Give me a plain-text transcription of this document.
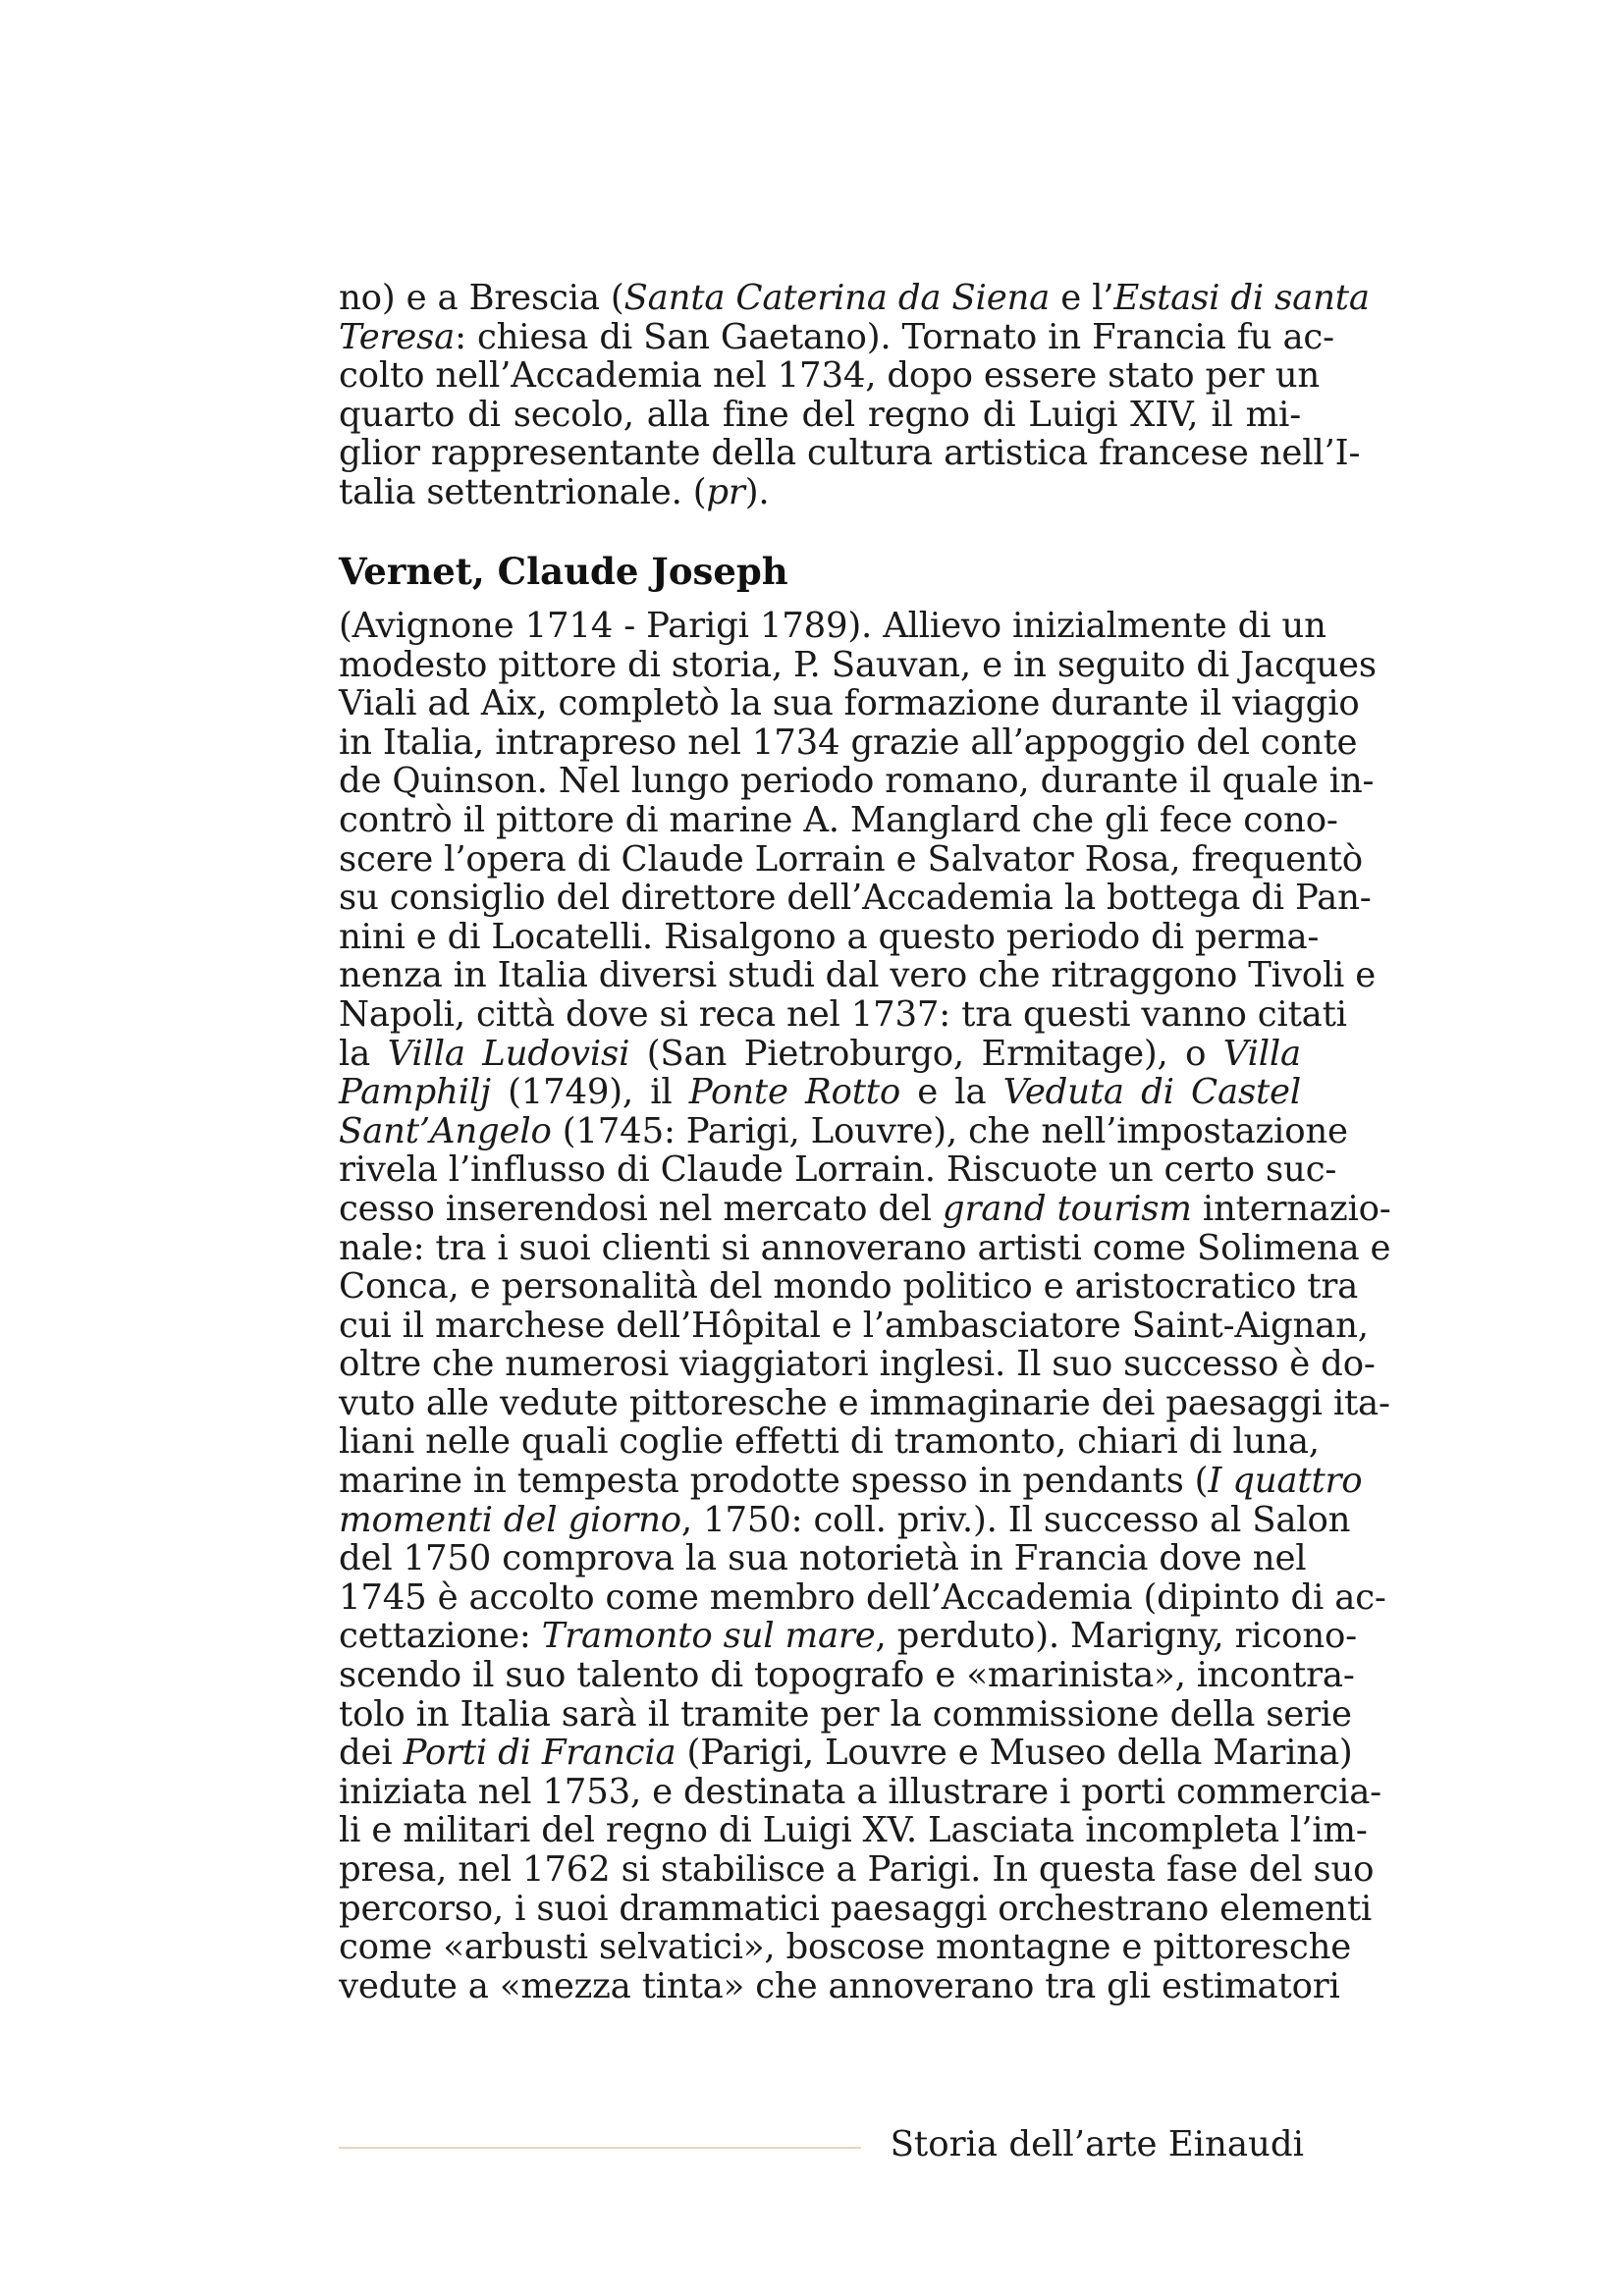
no) e a Brescia (Santa Caterina da Siena e l’Estasi di santa
Teresa: chiesa di San Gaetano). Tornato in Francia fu ac-
colto nell’Accademia nel 1734, dopo essere stato per un
quarto di secolo, alla fine del regno di Luigi XIV, il mi-
glior rappresentante della cultura artistica francese nell’I-
talia settentrionale. (pr).
Vernet, Claude Joseph
(Avignone 1714 - Parigi 1789). Allievo inizialmente di un
modesto pittore di storia, P. Sauvan, e in seguito di Jacques
Viali ad Aix, completò la sua formazione durante il viaggio
in Italia, intrapreso nel 1734 grazie all’appoggio del conte
de Quinson. Nel lungo periodo romano, durante il quale in-
contrò il pittore di marine A. Manglard che gli fece cono-
scere l’opera di Claude Lorrain e Salvator Rosa, frequentò
su consiglio del direttore dell’Accademia la bottega di Pan-
nini e di Locatelli. Risalgono a questo periodo di perma-
nenza in Italia diversi studi dal vero che ritraggono Tivoli e
Napoli, città dove si reca nel 1737: tra questi vanno citati
la Villa Ludovisi (San Pietroburgo, Ermitage), o Villa
Pamphilj (1749), il Ponte Rotto e la Veduta di Castel
Sant’Angelo (1745: Parigi, Louvre), che nell’impostazione
rivela l’influsso di Claude Lorrain. Riscuote un certo suc-
cesso inserendosi nel mercato del grand tourism internazio-
nale: tra i suoi clienti si annoverano artisti come Solimena e
Conca, e personalità del mondo politico e aristocratico tra
cui il marchese dell’Hôpital e l’ambasciatore Saint-Aignan,
oltre che numerosi viaggiatori inglesi. Il suo successo è do-
vuto alle vedute pittoresche e immaginarie dei paesaggi ita-
liani nelle quali coglie effetti di tramonto, chiari di luna,
marine in tempesta prodotte spesso in pendants (I quattro
momenti del giorno, 1750: coll. priv.). Il successo al Salon
del 1750 comprova la sua notorietà in Francia dove nel
1745 è accolto come membro dell’Accademia (dipinto di ac-
cettazione: Tramonto sul mare, perduto). Marigny, ricono-
scendo il suo talento di topografo e «marinista», incontra-
tolo in Italia sarà il tramite per la commissione della serie
dei Porti di Francia (Parigi, Louvre e Museo della Marina)
iniziata nel 1753, e destinata a illustrare i porti commercia-
li e militari del regno di Luigi XV. Lasciata incompleta l’im-
presa, nel 1762 si stabilisce a Parigi. In questa fase del suo
percorso, i suoi drammatici paesaggi orchestrano elementi
come «arbusti selvatici», boscose montagne e pittoresche
vedute a «mezza tinta» che annoverano tra gli estimatori
Storia dell’arte Einaudi
